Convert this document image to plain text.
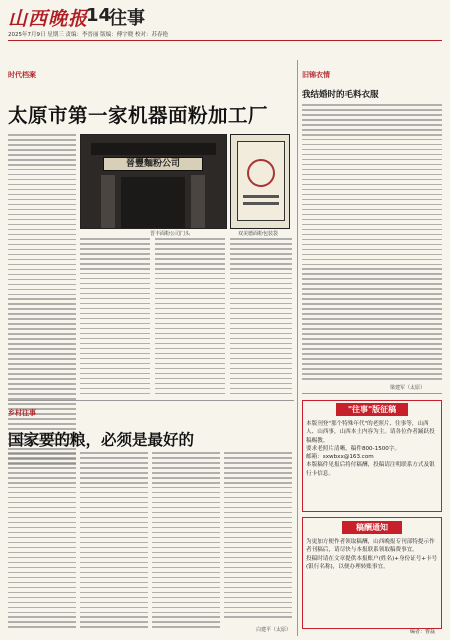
山西晚报
14
往事
2025年7月9日 星期三 责编：李晋丽 版编：傅宇晓 校对：苏春艳
时代档案
太原市第一家机器面粉加工厂
晉豐麵粉公司
晋丰面粉公司门头	双美德面粉包装袋
乡村往事
国家要的粮，必须是最好的
白建平（太原）
旧锦衣情
我结婚时的毛料衣服
梁建军（太原）
"往事"版征稿
本版刊登"那个特殊年代"的老照片、往事等，山西人、山西事，山西本土内容为主。请各位作者踊跃投稿赐教。
要求老照片清晰，稿件800-1500字。
邮箱：sxwbxx@163.com
本版稿件见报后将付稿酬，投稿请注明联系方式及银行卡信息。
稿酬通知
为更加方便作者领取稿酬，山西晚报专刊部特提示作者刊稿后，请尽快与本报联系领取稿费事宜。
投稿时请在文章提供本报账户(姓名)+身份证号+卡号(银行名称)，以便办理转账事宜。
编者：曹磊
